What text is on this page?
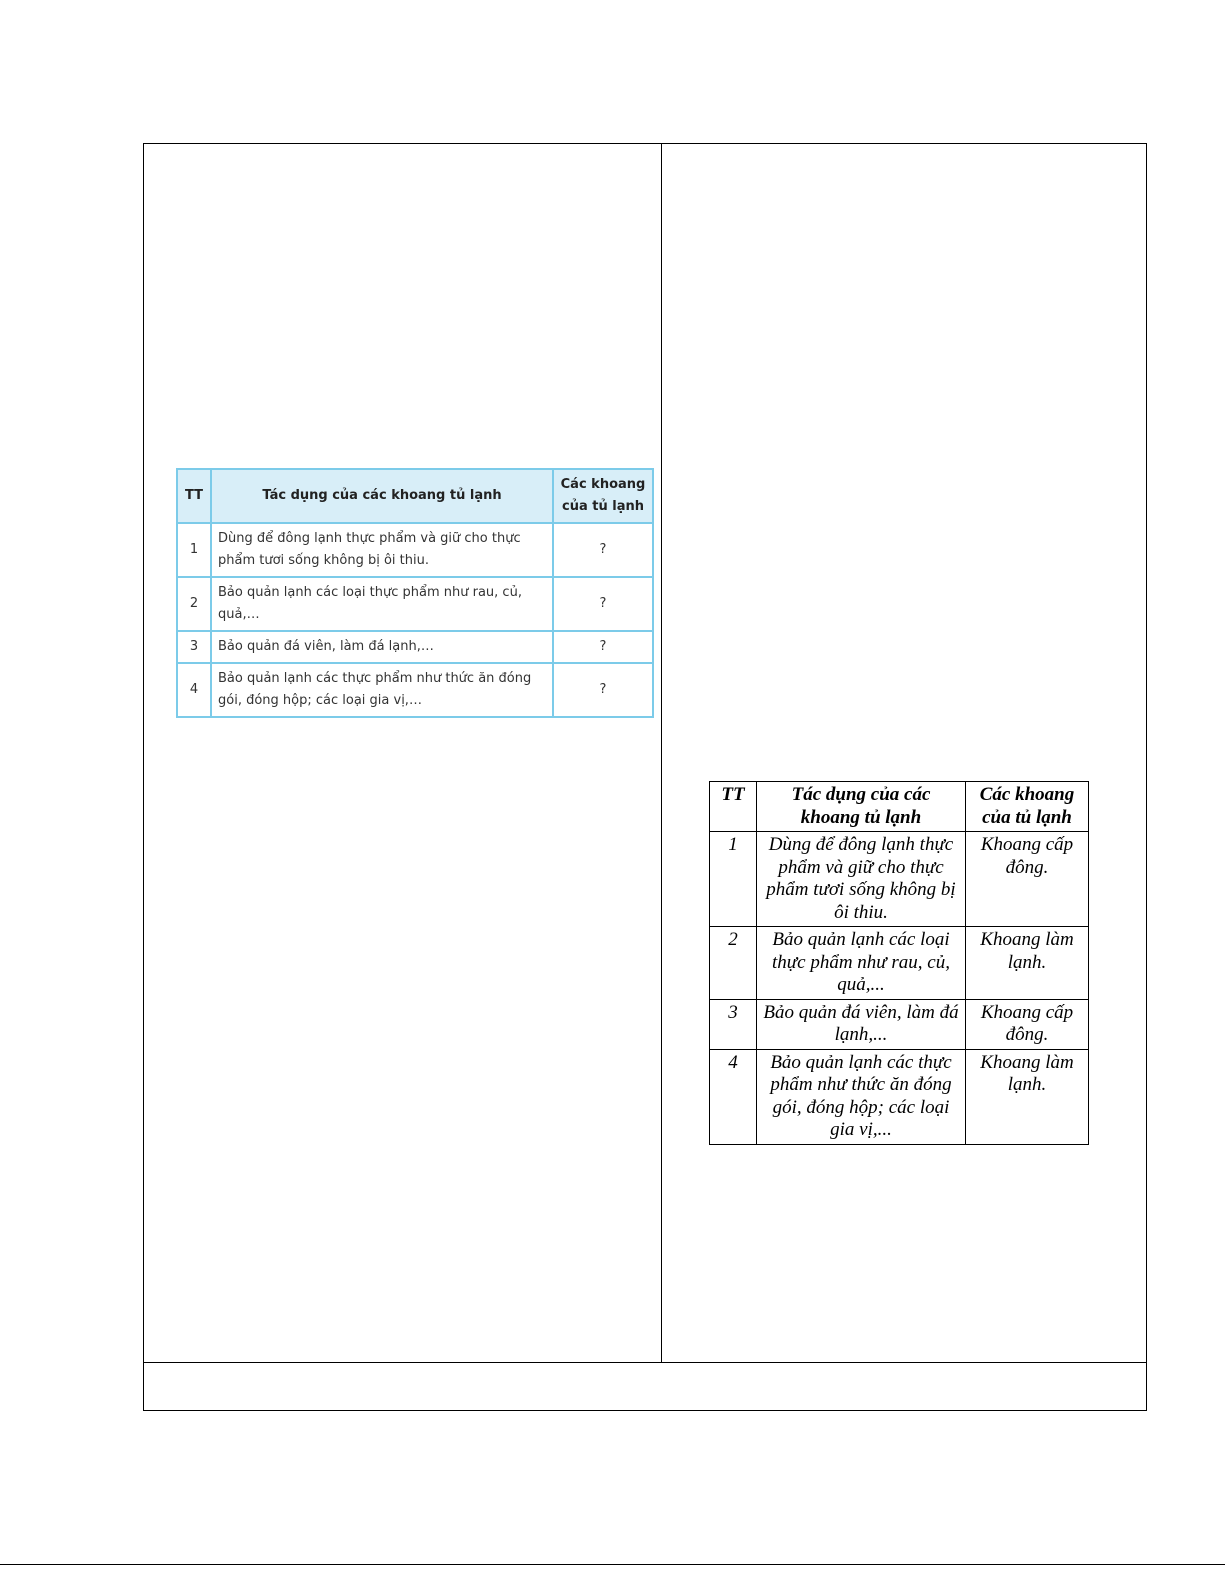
TT	Tác dụng của các khoang tủ lạnh	Các khoang của tủ lạnh
1	Dùng để đông lạnh thực phẩm và giữ cho thực phẩm tươi sống không bị ôi thiu.	?
2	Bảo quản lạnh các loại thực phẩm như rau, củ, quả,…	?
3	Bảo quản đá viên, làm đá lạnh,…	?
4	Bảo quản lạnh các thực phẩm như thức ăn đóng gói, đóng hộp; các loại gia vị,…	?
TT	Tác dụng của các khoang tủ lạnh	Các khoang của tủ lạnh
1	Dùng để đông lạnh thực phẩm và giữ cho thực phẩm tươi sống không bị ôi thiu.	Khoang cấp đông.
2	Bảo quản lạnh các loại thực phẩm như rau, củ, quả,...	Khoang làm lạnh.
3	Bảo quản đá viên, làm đá lạnh,...	Khoang cấp đông.
4	Bảo quản lạnh các thực phẩm như thức ăn đóng gói, đóng hộp; các loại gia vị,...	Khoang làm lạnh.
